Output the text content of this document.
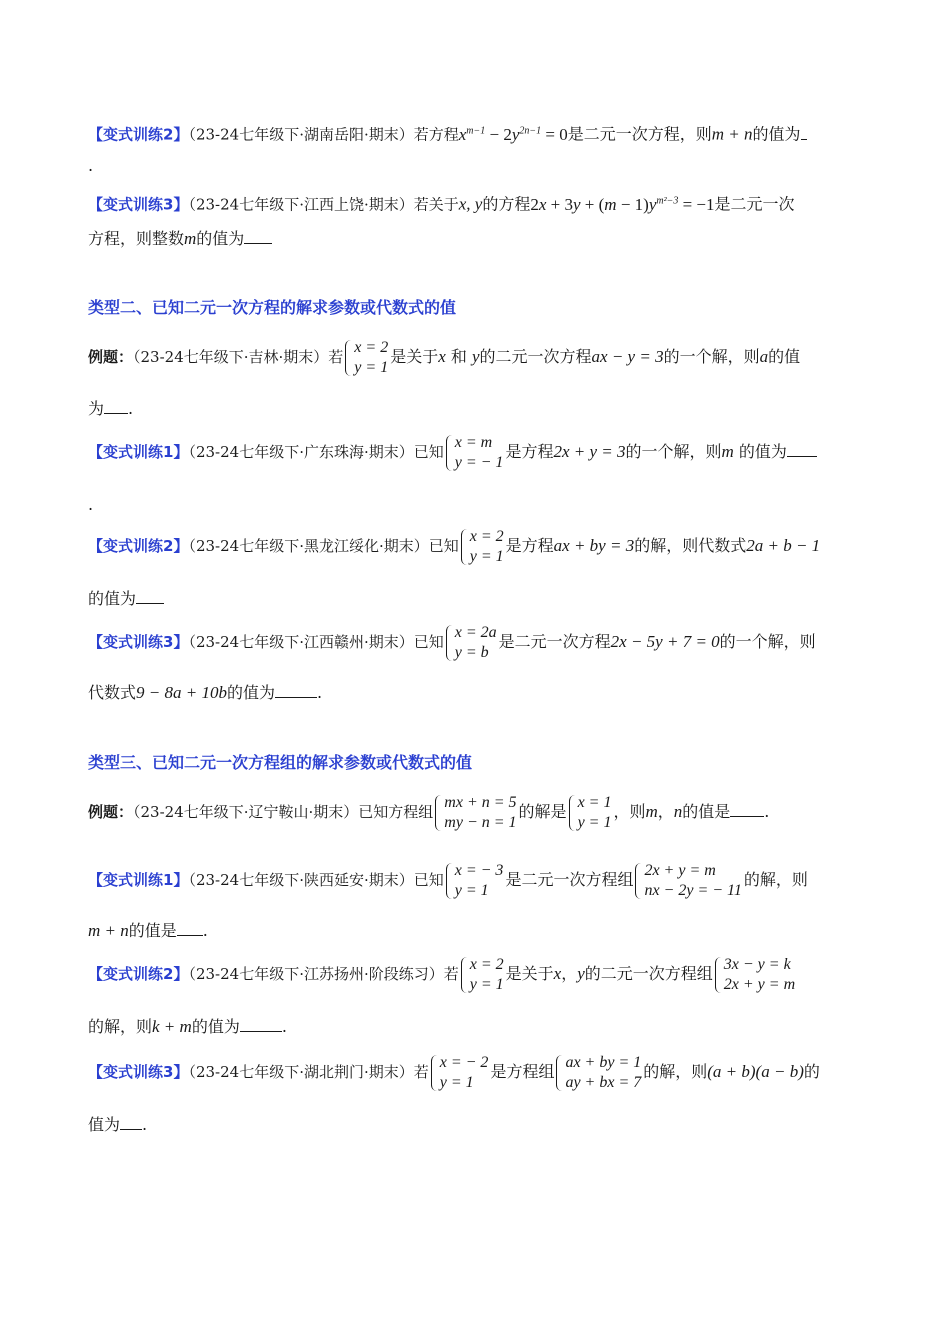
【变式训练2】（23-24七年级下·湖南岳阳·期末）若方程$x^{m-1} - 2y^{2n-1} = 0$是二元一次方程，则m + n的值为
.
【变式训练3】（23-24七年级下·江西上饶·期末）若关于x, y的方程$2x + 3y + (m - 1)y^{m^2-3} = -1$是二元一次
方程，则整数m的值为
类型二、已知二元一次方程的解求参数或代数式的值
例题：（23-24七年级下·吉林·期末）若
x = 2
y = 1
是关于x 和 y的二元一次方程ax − y = 3的一个解，则a的值
为 .
【变式训练1】（23-24七年级下·广东珠海·期末）已知
x = m
y = − 1
是方程2x + y = 3的一个解，则m 的值为
.
【变式训练2】（23-24七年级下·黑龙江绥化·期末）已知
x = 2
y = 1
是方程ax + by = 3的解，则代数式2a + b − 1
的值为
【变式训练3】（23-24七年级下·江西赣州·期末）已知
x = 2a
y = b
是二元一次方程2x − 5y + 7 = 0的一个解，则
代数式9 − 8a + 10b的值为	.
类型三、已知二元一次方程组的解求参数或代数式的值
例题：（23-24七年级下·辽宁鞍山·期末）已知方程组
mx + n = 5
my − n = 1
的解是 x = 1
y = 1
，则m，n的值是 .
【变式训练1】（23-24七年级下·陕西延安·期末）已知
x = − 3
y = 1
是二元一次方程组 2x + y = m
nx − 2y = − 11
的解，则
m + n的值是 .
【变式训练2】（23-24七年级下·江苏扬州·阶段练习）若
x = 2
y = 1
是关于x，y的二元一次方程组 3x − y = k
2x + y = m
的解，则k + m的值为	.
【变式训练3】（23-24七年级下·湖北荆门·期末）若
x = − 2
y = 1
是方程组 ax + by = 1
ay + bx = 7
的解，则(a + b)(a − b)的
值为 .
